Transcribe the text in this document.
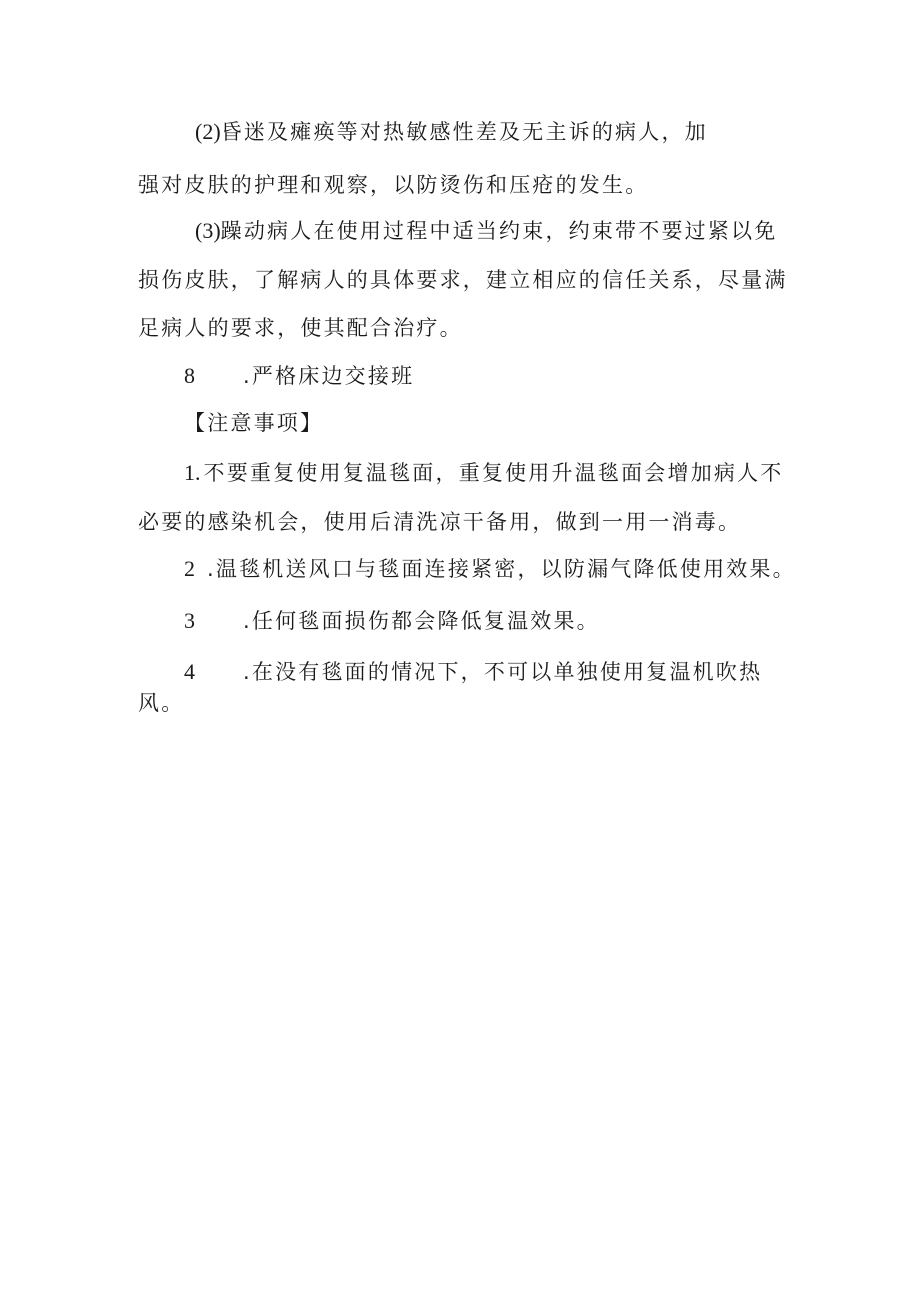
(2)昏迷及瘫痪等对热敏感性差及无主诉的病人，加
强对皮肤的护理和观察，以防烫伤和压疮的发生。
(3)躁动病人在使用过程中适当约束，约束带不要过紧以免
损伤皮肤，了解病人的具体要求，建立相应的信任关系，尽量满
足病人的要求，使其配合治疗。
8 .严格床边交接班
【注意事项】
1. 不要重复使用复温毯面，重复使用升温毯面会增加病人不
必要的感染机会，使用后清洗凉干备用，做到一用一消毒。
2 .温毯机送风口与毯面连接紧密，以防漏气降低使用效果。
3 .任何毯面损伤都会降低复温效果。
4 .在没有毯面的情况下，不可以单独使用复温机吹热
风。
